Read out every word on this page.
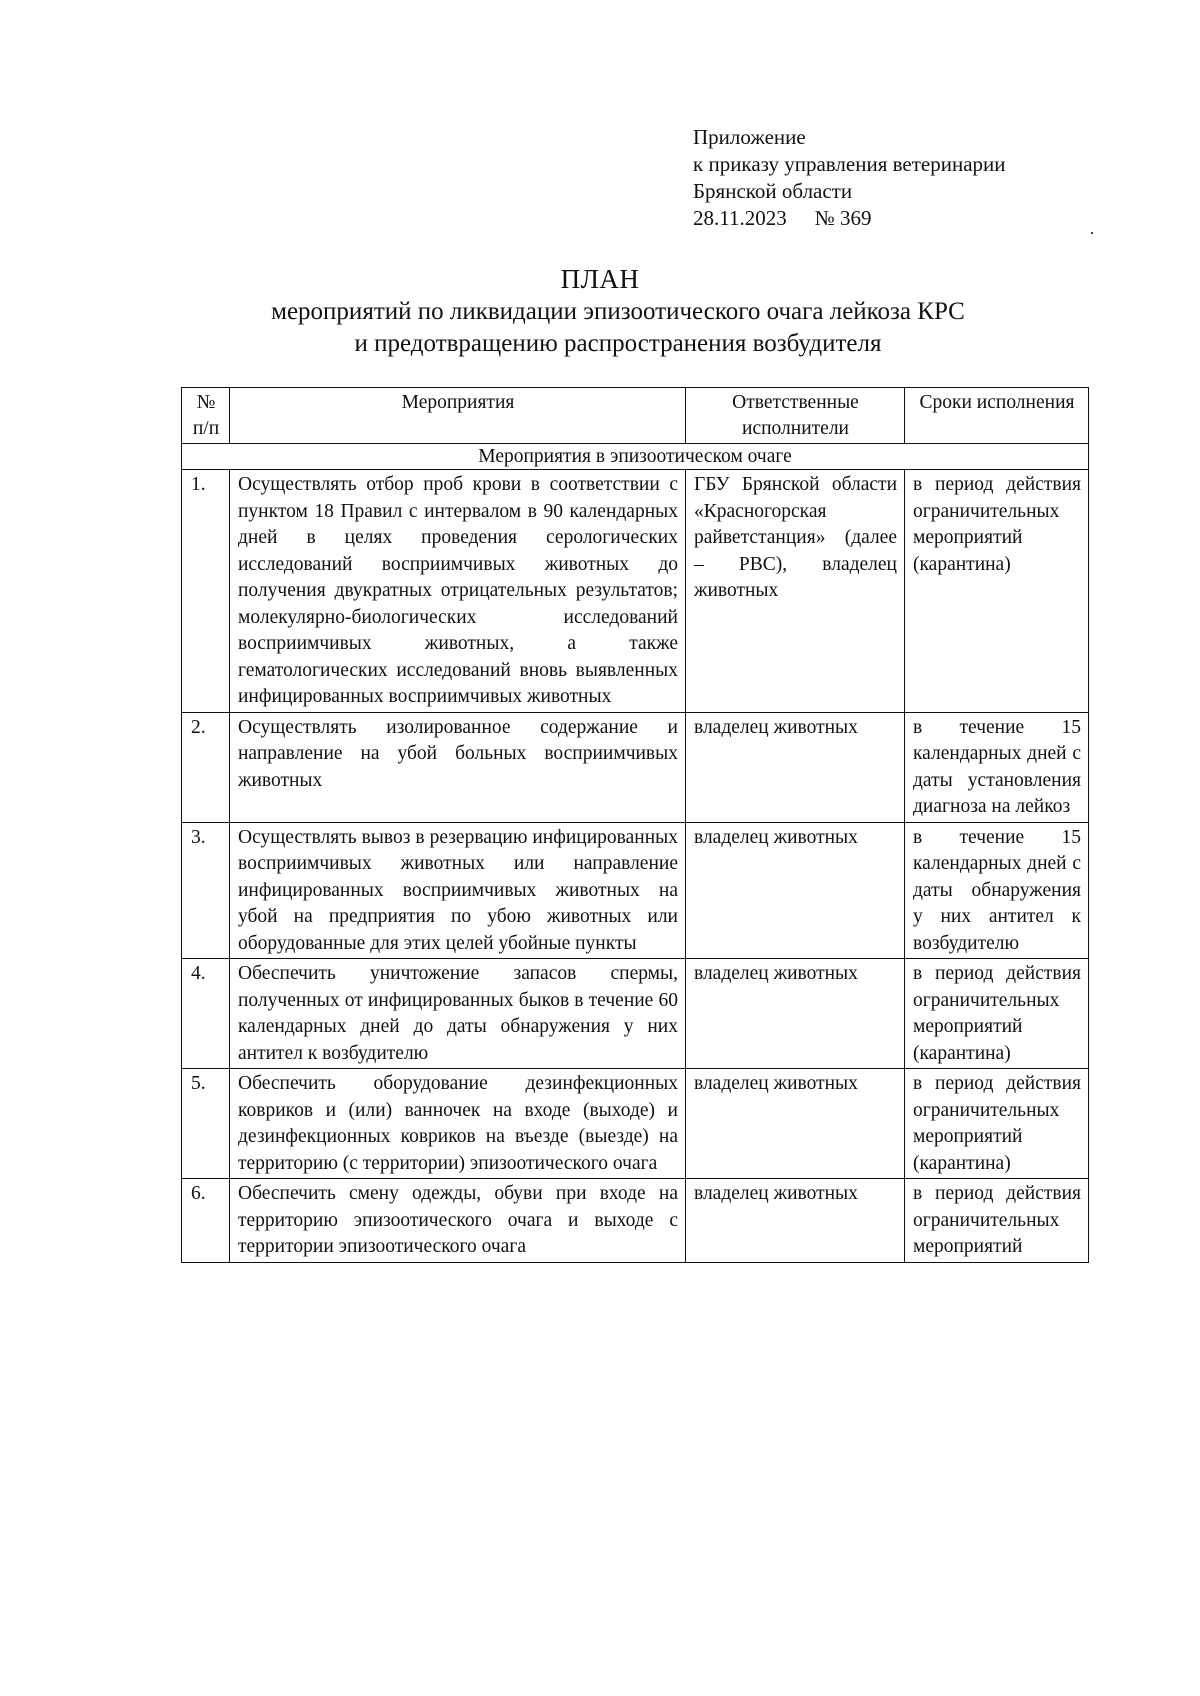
Приложение
к приказу управления ветеринарии
Брянской области
28.11.2023 № 369
ПЛАН
мероприятий по ликвидации эпизоотического очага лейкоза КРС
и предотвращению распространения возбудителя
№
п/п	Мероприятия	Ответственные исполнители	Сроки исполнения
Мероприятия в эпизоотическом очаге			
1.	Осуществлять отбор проб крови в соответствии с пунктом 18 Правил с интервалом в 90 календарных дней в целях проведения серологических исследований восприимчивых животных до получения двукратных отрицательных результатов; молекулярно-биологических исследований восприимчивых животных, а также гематологических исследований вновь выявленных инфицированных восприимчивых животных	ГБУ Брянской области «Красногорская райветстанция» (далее – РВС), владелец животных	в период действия ограничительных мероприятий (карантина)
2.	Осуществлять изолированное содержание и направление на убой больных восприимчивых животных	владелец животных	в течение 15 календарных дней с даты установления диагноза на лейкоз
3.	Осуществлять вывоз в резервацию инфицированных восприимчивых животных или направление инфицированных восприимчивых животных на убой на предприятия по убою животных или оборудованные для этих целей убойные пункты	владелец животных	в течение 15 календарных дней с даты обнаружения у них антител к возбудителю
4.	Обеспечить уничтожение запасов спермы, полученных от инфицированных быков в течение 60 календарных дней до даты обнаружения у них антител к возбудителю	владелец животных	в период действия ограничительных мероприятий (карантина)
5.	Обеспечить оборудование дезинфекционных ковриков и (или) ванночек на входе (выходе) и дезинфекционных ковриков на въезде (выезде) на территорию (с территории) эпизоотического очага	владелец животных	в период действия ограничительных мероприятий (карантина)
6.	Обеспечить смену одежды, обуви при входе на территорию эпизоотического очага и выходе с территории эпизоотического очага	владелец животных	в период действия ограничительных мероприятий
